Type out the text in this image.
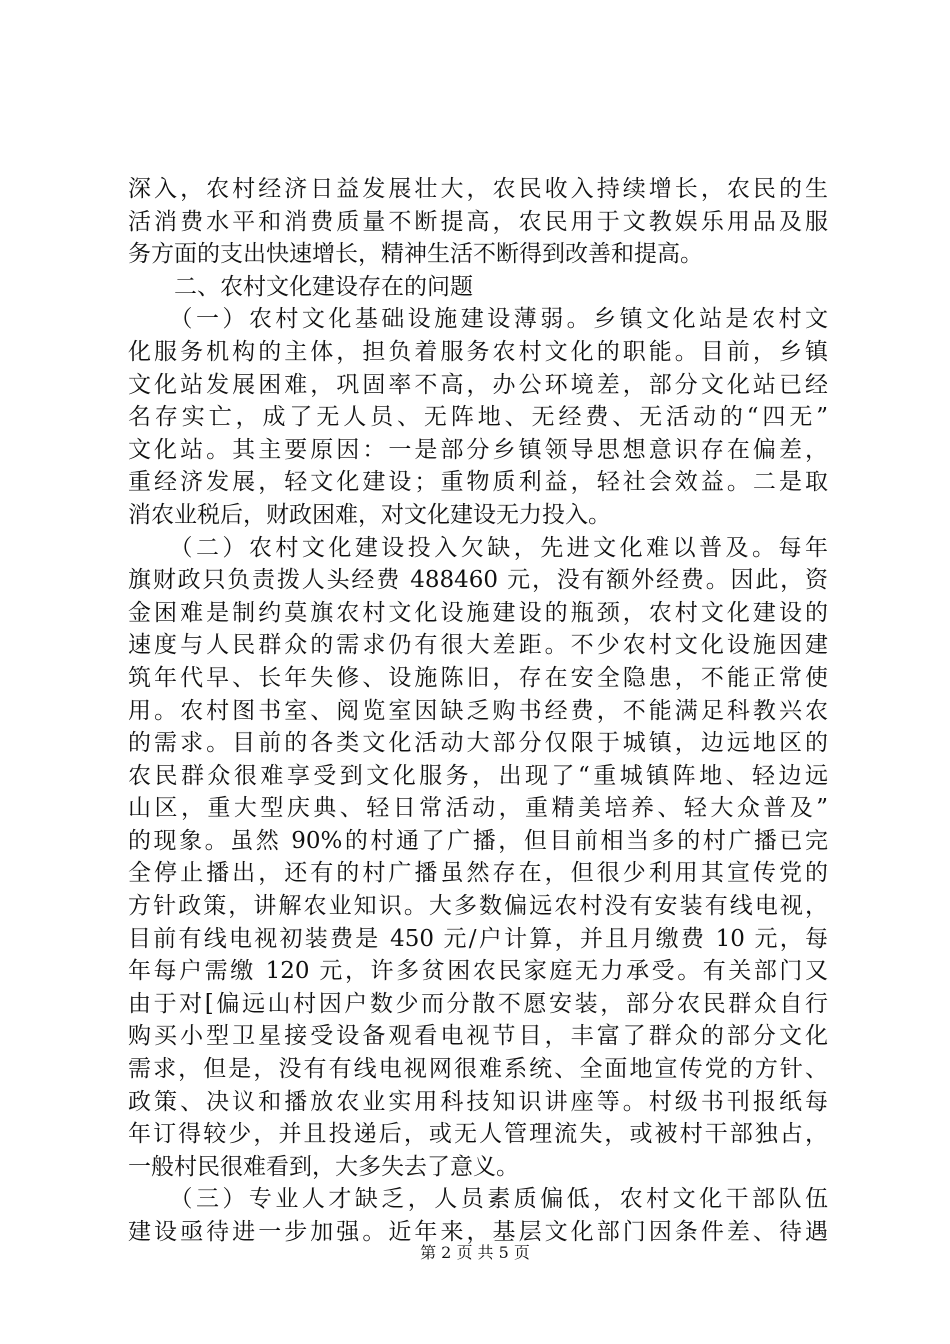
深入，农村经济日益发展壮大，农民收入持续增长，农民的生
活消费水平和消费质量不断提高，农民用于文教娱乐用品及服
务方面的支出快速增长，精神生活不断得到改善和提高。
　　二、农村文化建设存在的问题
　　（一）农村文化基础设施建设薄弱。乡镇文化站是农村文
化服务机构的主体，担负着服务农村文化的职能。目前，乡镇
文化站发展困难，巩固率不高，办公环境差，部分文化站已经
名存实亡，成了无人员、无阵地、无经费、无活动的“四无”
文化站。其主要原因：一是部分乡镇领导思想意识存在偏差，
重经济发展，轻文化建设；重物质利益，轻社会效益。二是取
消农业税后，财政困难，对文化建设无力投入。
　　（二）农村文化建设投入欠缺，先进文化难以普及。每年
旗财政只负责拨人头经费 488460 元，没有额外经费。因此，资
金困难是制约莫旗农村文化设施建设的瓶颈，农村文化建设的
速度与人民群众的需求仍有很大差距。不少农村文化设施因建
筑年代早、长年失修、设施陈旧，存在安全隐患，不能正常使
用。农村图书室、阅览室因缺乏购书经费，不能满足科教兴农
的需求。目前的各类文化活动大部分仅限于城镇，边远地区的
农民群众很难享受到文化服务，出现了“重城镇阵地、轻边远
山区，重大型庆典、轻日常活动，重精美培养、轻大众普及”
的现象。虽然 90%的村通了广播，但目前相当多的村广播已完
全停止播出，还有的村广播虽然存在，但很少利用其宣传党的
方针政策，讲解农业知识。大多数偏远农村没有安装有线电视，
目前有线电视初装费是 450 元/户计算，并且月缴费 10 元，每
年每户需缴 120 元，许多贫困农民家庭无力承受。有关部门又
由于对[偏远山村因户数少而分散不愿安装，部分农民群众自行
购买小型卫星接受设备观看电视节目，丰富了群众的部分文化
需求，但是，没有有线电视网很难系统、全面地宣传党的方针、
政策、决议和播放农业实用科技知识讲座等。村级书刊报纸每
年订得较少，并且投递后，或无人管理流失，或被村干部独占，
一般村民很难看到，大多失去了意义。
　　（三）专业人才缺乏，人员素质偏低，农村文化干部队伍
建设亟待进一步加强。近年来，基层文化部门因条件差、待遇
第 2 页 共 5 页
